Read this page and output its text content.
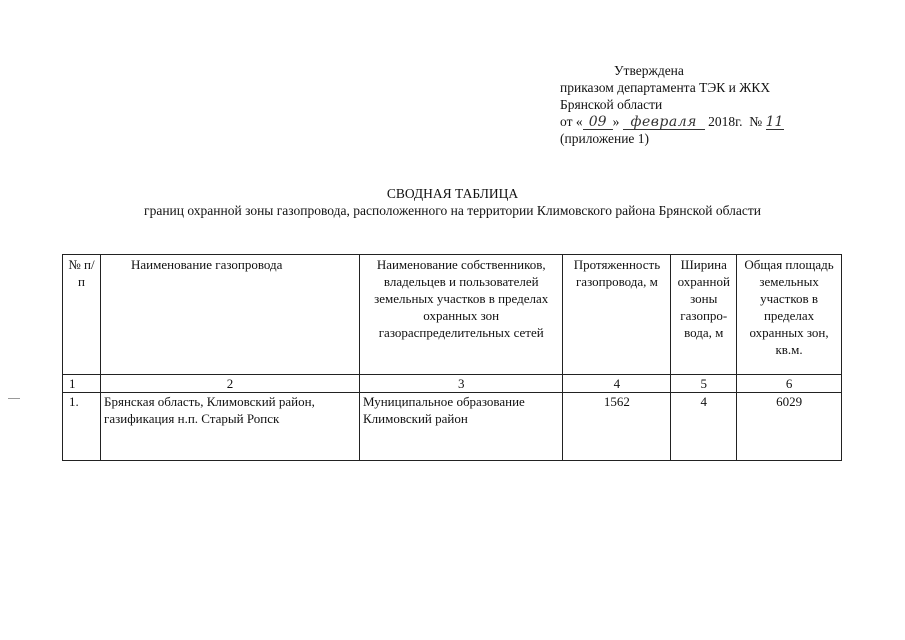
Утверждена
приказом департамента ТЭК и ЖКХ
Брянской области
от « 09 » февраля 2018г. № 11
(приложение 1)
СВОДНАЯ ТАБЛИЦА
границ охранной зоны газопровода, расположенного на территории Климовского района Брянской области
№ п/п	Наименование газопровода	Наименование собственников, владельцев и пользователей земельных участков в пределах охранных зон газораспределительных сетей	Протяженность газопровода, м	Ширина охранной зоны газопро-вода, м	Общая площадь земельных участков в пределах охранных зон, кв.м.
1	2	3	4	5	6
1.	Брянская область, Климовский район, газификация н.п. Старый Ропск	Муниципальное образование Климовский район	1562	4	6029
